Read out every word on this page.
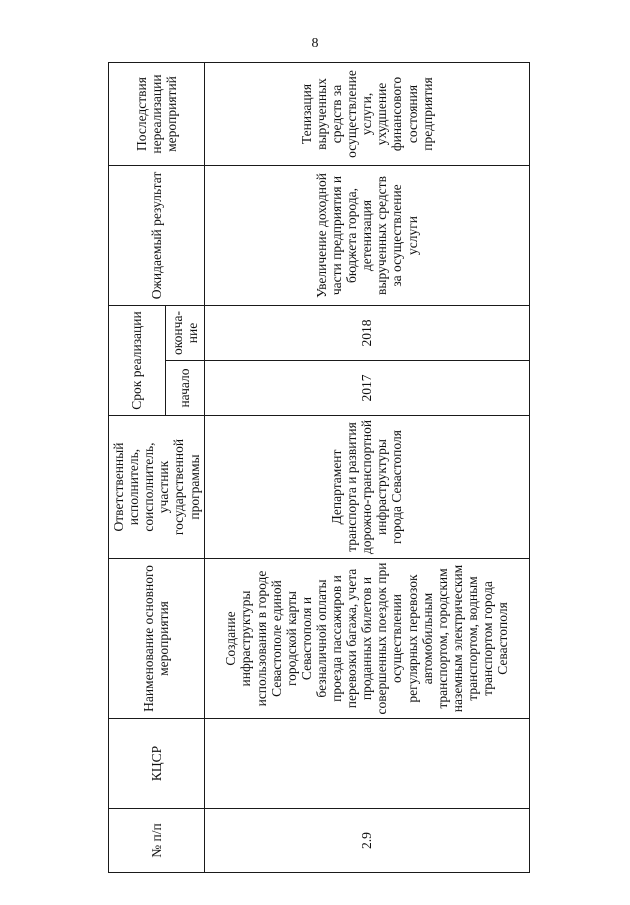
8
№ п/п	КЦСР	Наименование основного мероприятия	Ответственный исполнитель, соисполнитель, участник государственной программы	Срок реализации		Ожидаемый результат	Последствия нереализации мероприятий
				начало	оконча-ние		
2.9		Создание инфраструктуры использования в городе Севастополе единой городской карты Севастополя и безналичной оплаты проезда пассажиров и перевозки багажа, учета проданных билетов и совершенных поездок при осуществлении регулярных перевозок автомобильным транспортом, городским наземным электрическим транспортом, водным транспортом города Севастополя	Департамент транспорта и развития дорожно-транспортной инфраструктуры города Севастополя	2017	2018	Увеличение доходной части предприятия и бюджета города, детенизация вырученных средств за осуществление услуги	Тенизация вырученных средств за осуществление услуги, ухудшение финансового состояния предприятия
